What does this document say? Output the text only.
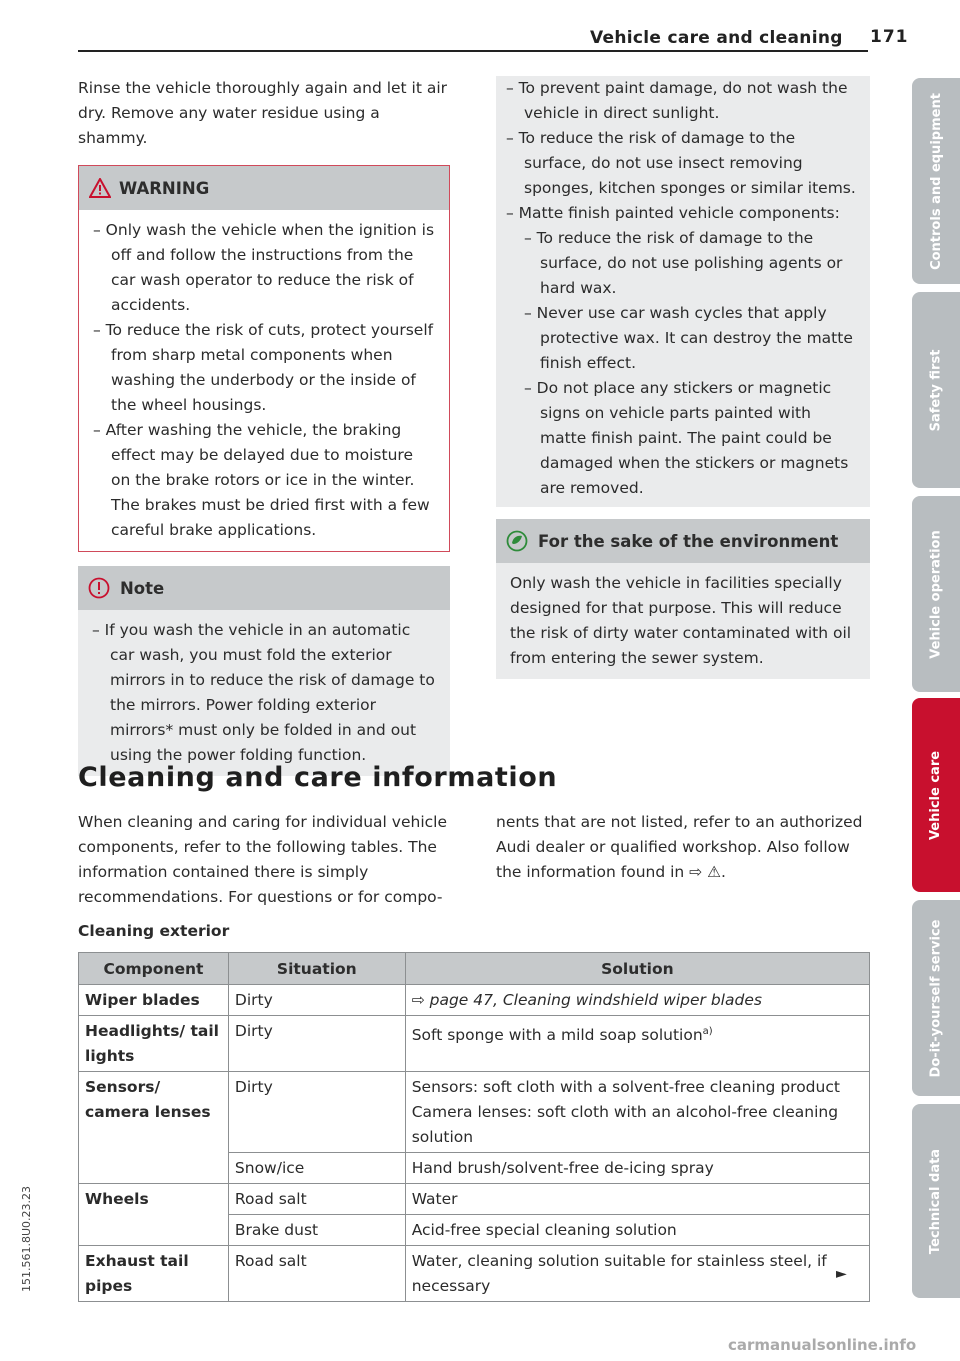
Vehicle care and cleaning 171

Rinse the vehicle thoroughly again and let it air dry. Remove any water residue using a shammy.

WARNING

– Only wash the vehicle when the ignition is off and follow the instructions from the car wash operator to reduce the risk of accidents.

– To reduce the risk of cuts, protect yourself from sharp metal components when washing the underbody or the inside of the wheel housings.

– After washing the vehicle, the braking effect may be delayed due to moisture on the brake rotors or ice in the winter. The brakes must be dried first with a few careful brake applications.

Note

– If you wash the vehicle in an automatic car wash, you must fold the exterior mirrors in to reduce the risk of damage to the mirrors. Power folding exterior mirrors* must only be folded in and out using the power folding function.

– To prevent paint damage, do not wash the vehicle in direct sunlight.

– To reduce the risk of damage to the surface, do not use insect removing sponges, kitchen sponges or similar items.

– Matte finish painted vehicle components:

– To reduce the risk of damage to the surface, do not use polishing agents or hard wax.

– Never use car wash cycles that apply protective wax. It can destroy the matte finish effect.

– Do not place any stickers or magnetic signs on vehicle parts painted with matte finish paint. The paint could be damaged when the stickers or magnets are removed.

For the sake of the environment

Only wash the vehicle in facilities specially designed for that purpose. This will reduce the risk of dirty water contaminated with oil from entering the sewer system.

Cleaning and care information

When cleaning and caring for individual vehicle components, refer to the following tables. The information contained there is simply recommendations. For questions or for compo-

nents that are not listed, refer to an authorized Audi dealer or qualified workshop. Also follow the information found in ⇨ ⚠.

Cleaning exterior
Component	Situation	Solution
Wiper blades	Dirty	⇨ page 47, Cleaning windshield wiper blades
Headlights/ tail lights	Dirty	Soft sponge with a mild soap solution$^{a)}$
Sensors/ camera lenses	Dirty	Sensors: soft cloth with a solvent-free cleaning product
Camera lenses: soft cloth with an alcohol-free cleaning solution

	Snow/ice	Hand brush/solvent-free de-icing spray
Wheels	Road salt	Water
	Brake dust	Acid-free special cleaning solution
Exhaust tail pipes	Road salt	Water, cleaning solution suitable for stainless steel, if necessary
►
Controls and equipment
Safety first
Vehicle operation
Vehicle care
Do-it-yourself service
Technical data
151.561.8U0.23.23
carmanualsonline.info
